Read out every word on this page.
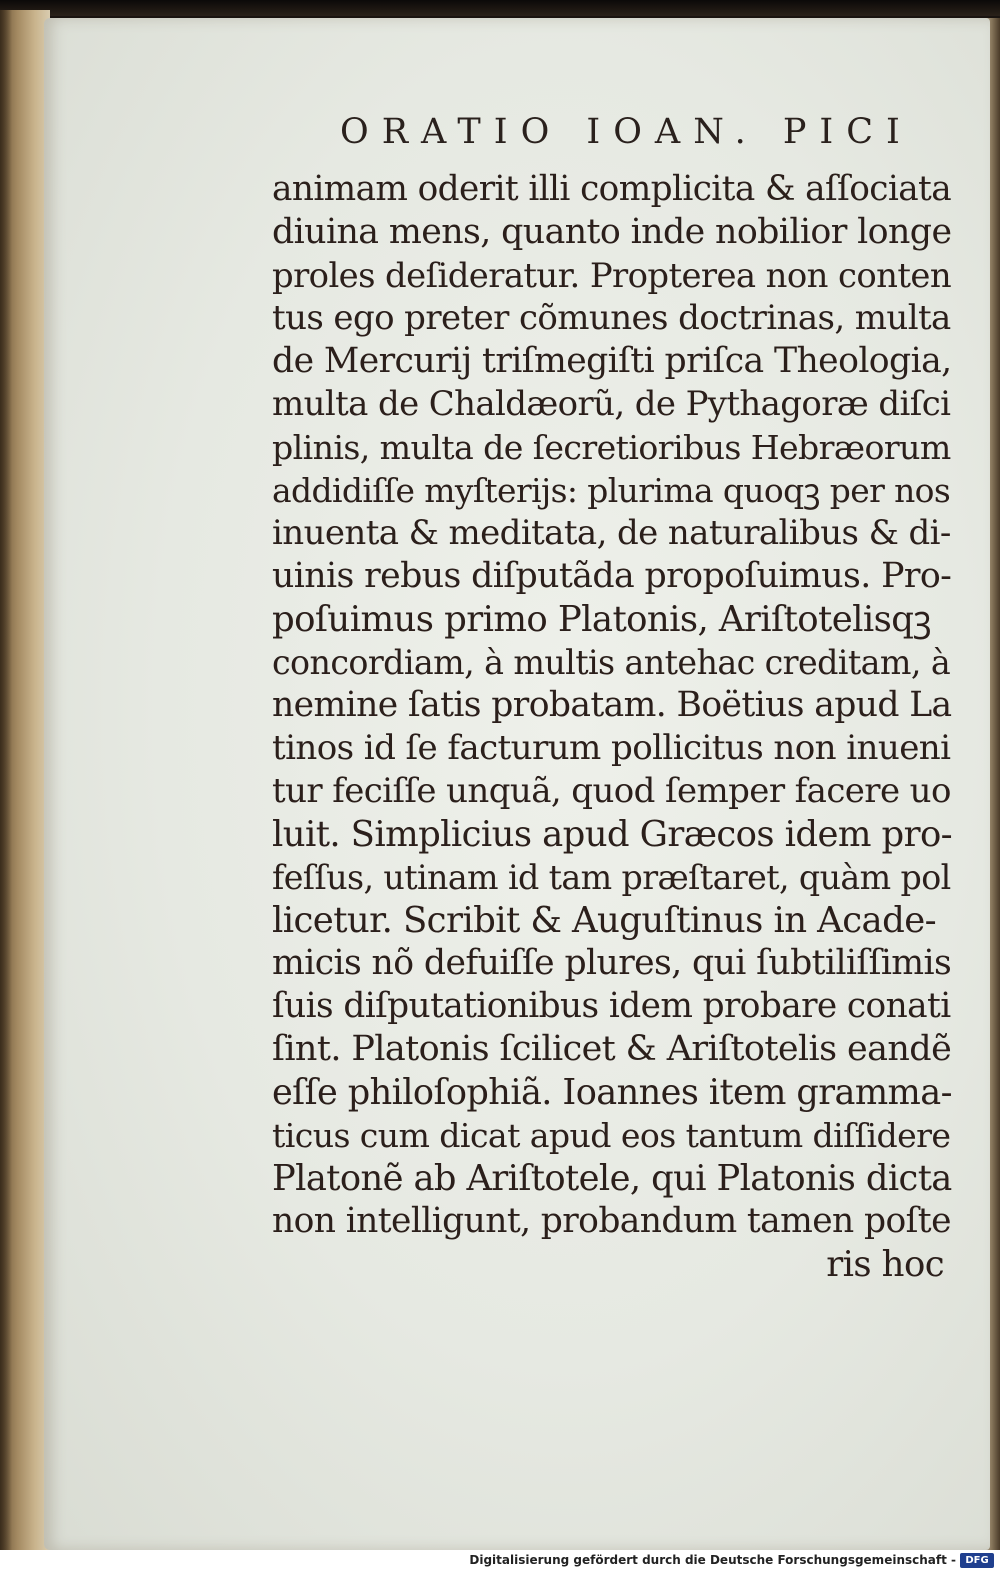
ORATIO IOAN. PICI
animam oderit illi complicita & aſſociata
diuina mens, quanto inde nobilior longe
proles deſideratur. Propterea non conten
tus ego preter cõmunes doctrinas, multa
de Mercurij triſmegiſti priſca Theologia,
multa de Chaldæorũ, de Pythagoræ diſci
plinis, multa de ſecretioribus Hebræorum
addidiſſe myſterijs: plurima quoqꝫ per nos
inuenta & meditata, de naturalibus & di-
uinis rebus diſputãda propoſuimus. Pro-
poſuimus primo Platonis, Ariſtotelisqꝫ
concordiam, à multis antehac creditam, à
nemine ſatis probatam. Boëtius apud La
tinos id ſe facturum pollicitus non inueni
tur feciſſe unquã, quod ſemper facere uo
luit. Simplicius apud Græcos idem pro-
feſſus, utinam id tam præſtaret, quàm pol
licetur. Scribit & Auguſtinus in Acade-
micis nõ defuiſſe plures, qui ſubtiliſſimis
ſuis diſputationibus idem probare conati
ſint. Platonis ſcilicet & Ariſtotelis eandẽ
eſſe philoſophiã. Ioannes item gramma-
ticus cum dicat apud eos tantum diſſidere
Platonẽ ab Ariſtotele, qui Platonis dicta
non intelligunt, probandum tamen poſte
ris hoc
Digitalisierung gefördert durch die Deutsche Forschungsgemeinschaft - DFG
